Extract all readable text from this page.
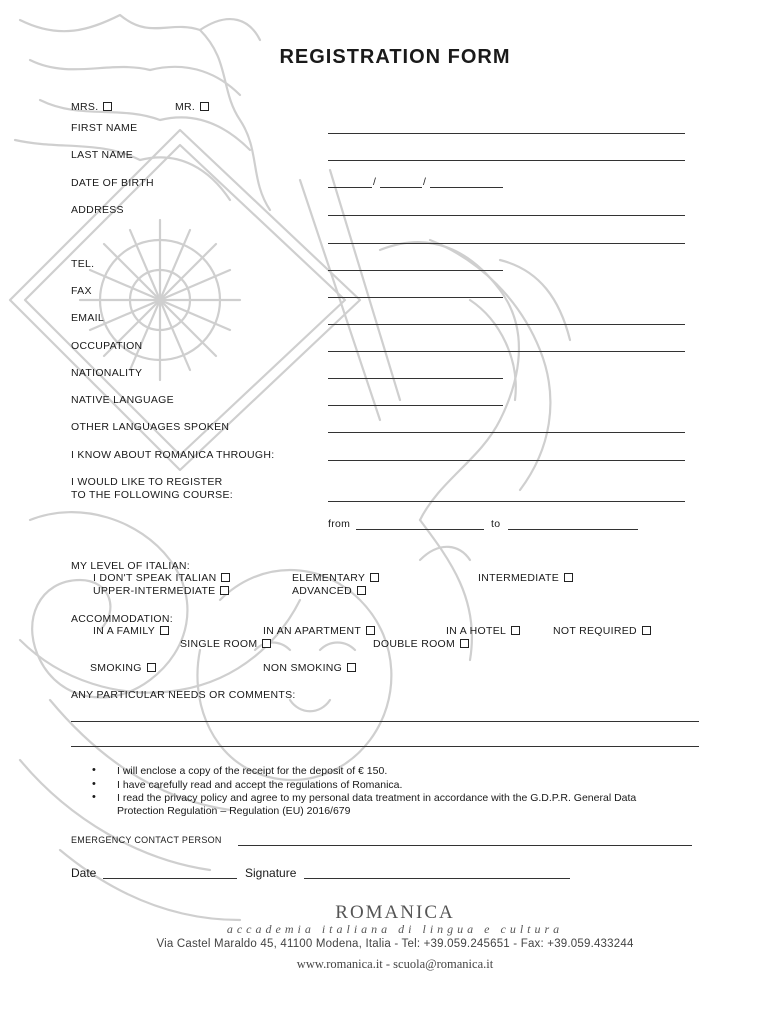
REGISTRATION FORM
MRS.	MR.
FIRST NAME
LAST NAME
DATE OF BIRTH	/	/
ADDRESS
TEL.
FAX
EMAIL
OCCUPATION
NATIONALITY
NATIVE LANGUAGE
OTHER LANGUAGES SPOKEN
I KNOW ABOUT ROMANICA THROUGH:
I WOULD LIKE TO REGISTER
TO THE FOLLOWING COURSE:
from	to
MY LEVEL OF ITALIAN:
I DON'T SPEAK ITALIAN	ELEMENTARY	INTERMEDIATE
UPPER-INTERMEDIATE	ADVANCED
ACCOMMODATION:
IN A FAMILY	IN AN APARTMENT	IN A HOTEL	NOT REQUIRED
SINGLE ROOM	DOUBLE ROOM
SMOKING	NON SMOKING
ANY PARTICULAR NEEDS OR COMMENTS:
• I will enclose a copy of the receipt for the deposit of € 150.
• I have carefully read and accept the regulations of Romanica.
• I read the privacy policy and agree to my personal data treatment in accordance with the G.D.P.R. General Data
Protection Regulation – Regulation (EU) 2016/679
EMERGENCY CONTACT PERSON
Date	Signature
ROMANICA
accademia italiana di lingua e cultura
Via Castel Maraldo 45, 41100 Modena, Italia - Tel: +39.059.245651 - Fax: +39.059.433244
www.romanica.it - scuola@romanica.it
